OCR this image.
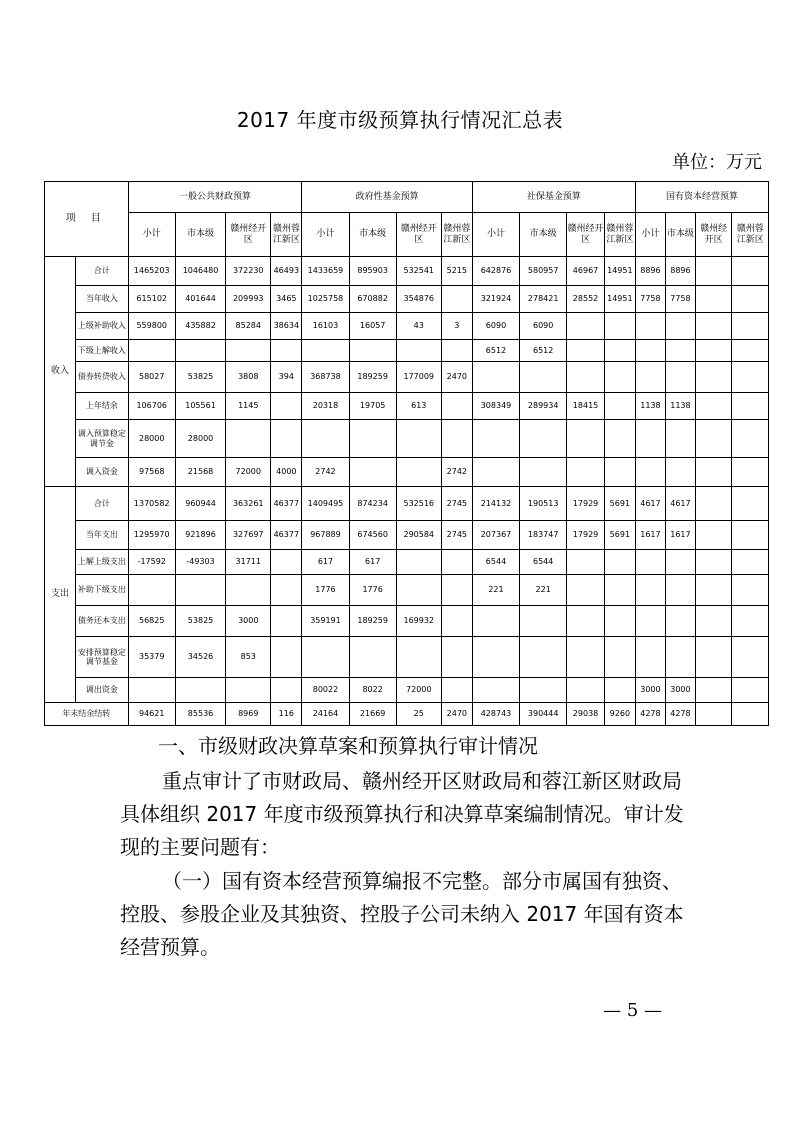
2017 年度市级预算执行情况汇总表
单位：万元
项 目		一般公共财政预算				政府性基金预算				社保基金预算				国有资本经营预算			
		小计	市本级	赣州经开区	赣州蓉江新区	小计	市本级	赣州经开区	赣州蓉江新区	小计	市本级	赣州经开区	赣州蓉江新区	小计	市本级	赣州经开区	赣州蓉江新区
收入	合计	1465203	1046480	372230	46493	1433659	895903	532541	5215	642876	580957	46967	14951	8896	8896		
	当年收入	615102	401644	209993	3465	1025758	670882	354876		321924	278421	28552	14951	7758	7758		
	上级补助收入	559800	435882	85284	38634	16103	16057	43	3	6090	6090						
	下级上解收入									6512	6512						
	债券转贷收入	58027	53825	3808	394	368738	189259	177009	2470								
	上年结余	106706	105561	1145		20318	19705	613		308349	289934	18415		1138	1138		
	调入预算稳定调节金	28000	28000														
	调入资金	97568	21568	72000	4000	2742			2742								
支出	合计	1370582	960944	363261	46377	1409495	874234	532516	2745	214132	190513	17929	5691	4617	4617		
	当年支出	1295970	921896	327697	46377	967889	674560	290584	2745	207367	183747	17929	5691	1617	1617		
	上解上级支出	-17592	-49303	31711		617	617			6544	6544						
	补助下级支出					1776	1776			221	221						
	债务还本支出	56825	53825	3000		359191	189259	169932									
	安排预算稳定调节基金	35379	34526	853													
	调出资金					80022	8022	72000						3000	3000		
年末结余结转		94621	85536	8969	116	24164	21669	25	2470	428743	390444	29038	9260	4278	4278		
一、市级财政决算草案和预算执行审计情况

重点审计了市财政局、赣州经开区财政局和蓉江新区财政局具体组织 2017 年度市级预算执行和决算草案编制情况。审计发现的主要问题有：

（一）国有资本经营预算编报不完整。部分市属国有独资、控股、参股企业及其独资、控股子公司未纳入 2017 年国有资本经营预算。

— 5 —
